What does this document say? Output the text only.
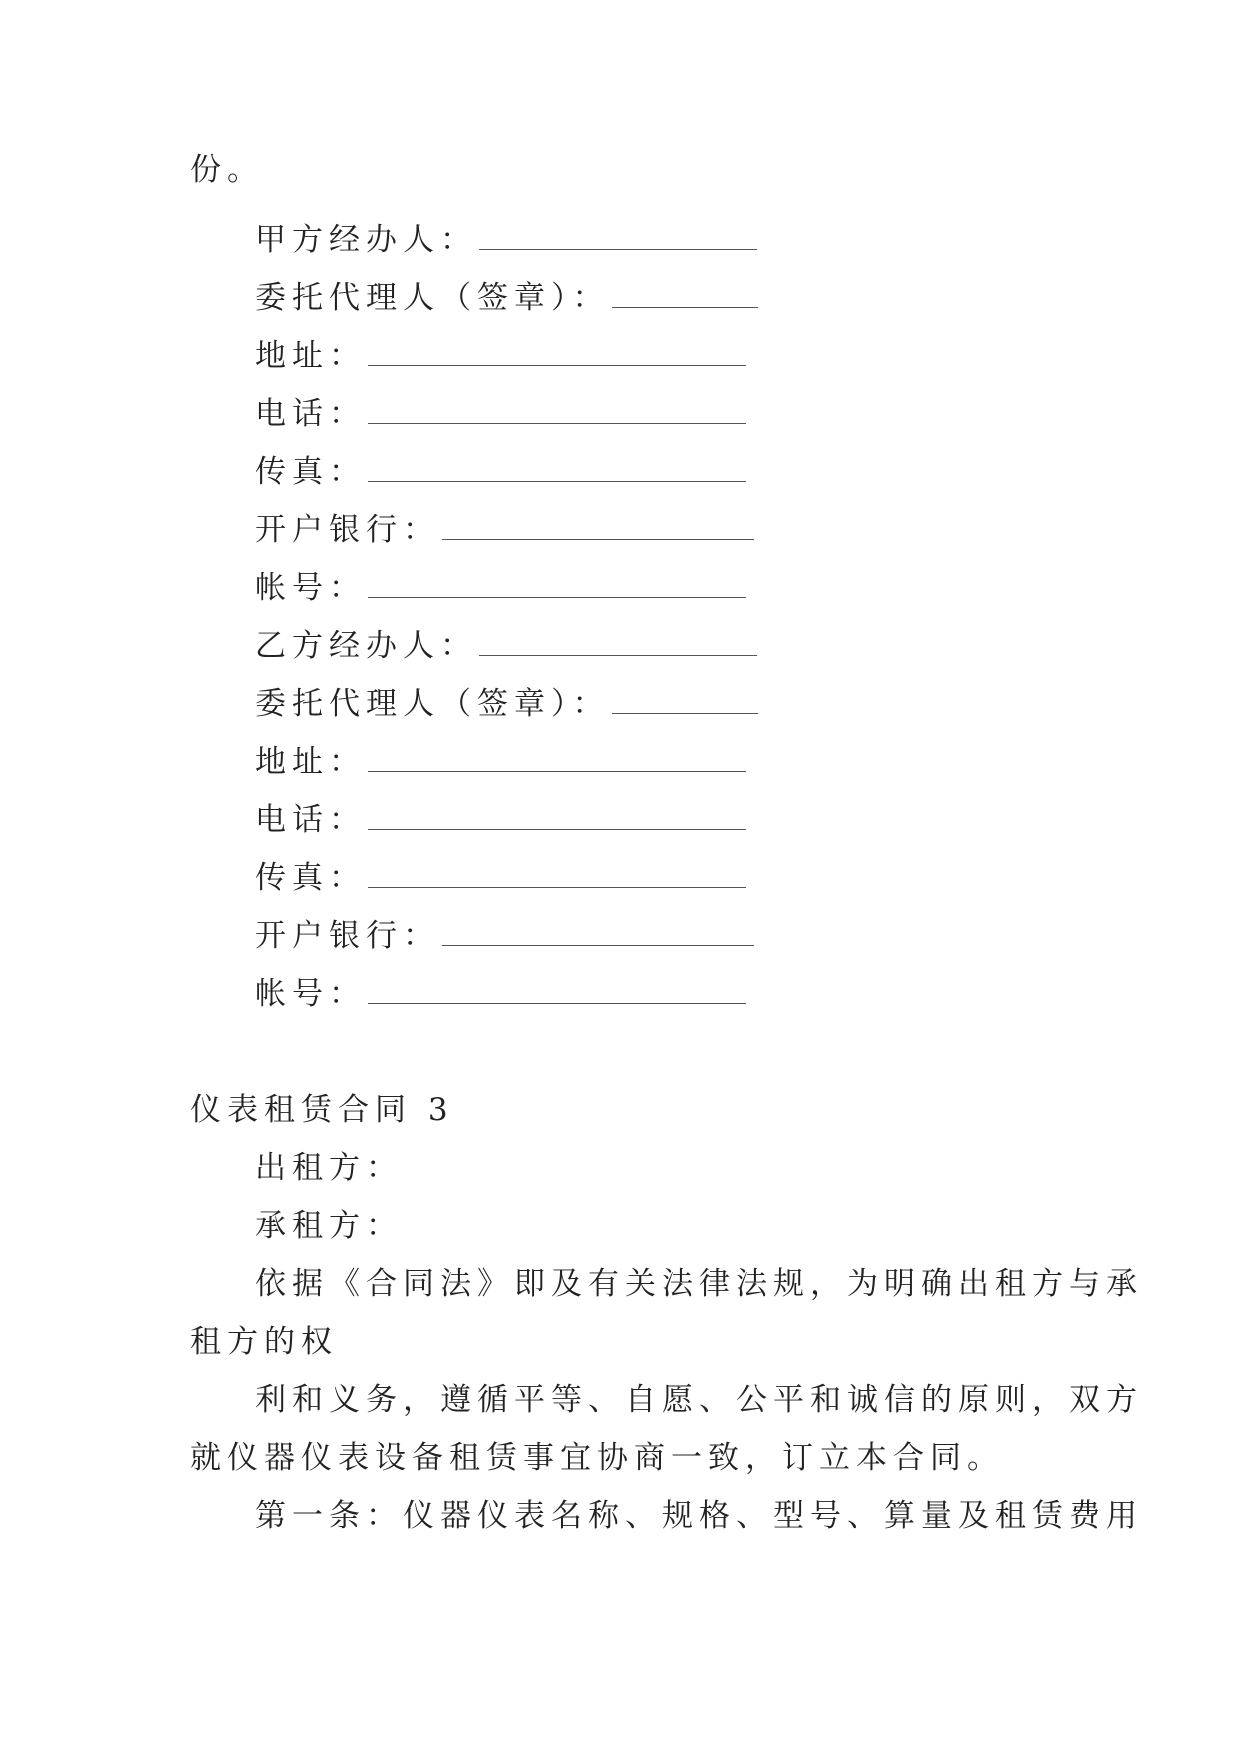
份。
甲方经办人：
委托代理人（签章）：
地址：
电话：
传真：
开户银行：
帐号：
乙方经办人：
委托代理人（签章）：
地址：
电话：
传真：
开户银行：
帐号：
仪表租赁合同 3
出租方：
承租方：
依据《合同法》即及有关法律法规，为明确出租方与承
租方的权
利和义务，遵循平等、自愿、公平和诚信的原则，双方
就仪器仪表设备租赁事宜协商一致，订立本合同。
第一条：仪器仪表名称、规格、型号、算量及租赁费用
